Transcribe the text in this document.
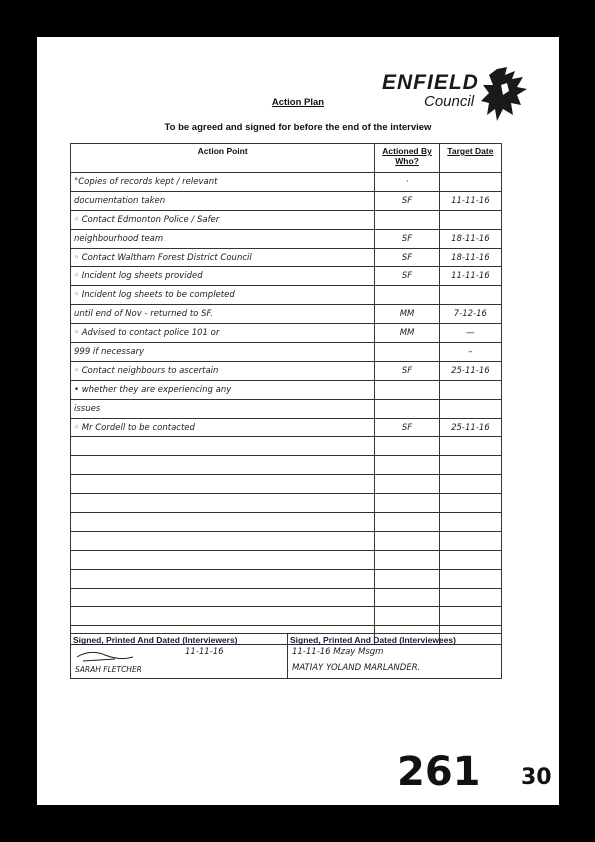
ENFIELD
Council
Action Plan
To be agreed and signed for before the end of the interview
Action Point	Actioned By Who?	Target Date
°Copies of records kept / relevant	·	
documentation taken	SF	11-11-16
◦ Contact Edmonton Police / Safer		
neighbourhood team	SF	18-11-16
◦ Contact Waltham Forest District Council	SF	18-11-16
◦ Incident log sheets provided	SF	11-11-16
◦ Incident log sheets to be completed		
until end of Nov - returned to SF.	MM	7-12-16
◦ Advised to contact police 101 or	MM	—
999 if necessary		–
◦ Contact neighbours to ascertain	SF	25-11-16
• whether they are experiencing any		
issues		
◦ Mr Cordell to be contacted	SF	25-11-16

Signed, Printed And Dated (Interviewers)
11-11-16
SARAH FLETCHER

Signed, Printed And Dated (Interviewees)
11-11-16 Mzay Msgm
MATIAY YOLAND MARLANDER.
261 30
